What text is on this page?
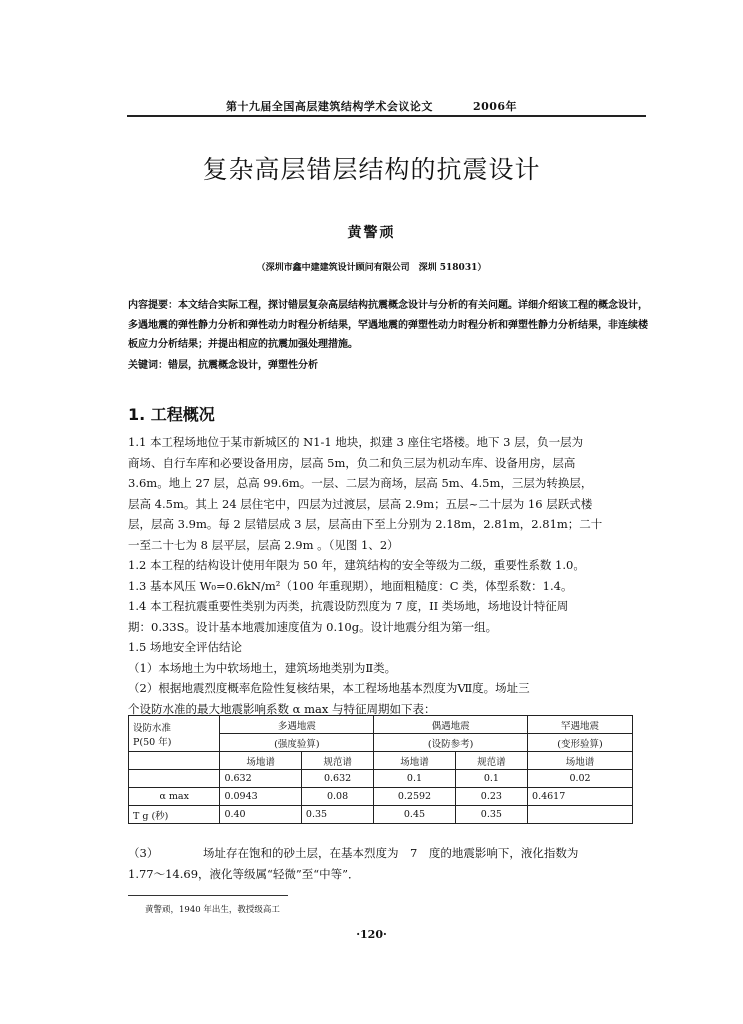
第十九届全国高层建筑结构学术会议论文	2006年
复杂高层错层结构的抗震设计
黄警顽
（深圳市鑫中建建筑设计顾问有限公司　深圳 518031）
内容提要：本文结合实际工程，探讨错层复杂高层结构抗震概念设计与分析的有关问题。详细介绍该工程的概念设计，多遇地震的弹性静力分析和弹性动力时程分析结果，罕遇地震的弹塑性动力时程分析和弹塑性静力分析结果，非连续楼板应力分析结果；并提出相应的抗震加强处理措施。
关键词：错层，抗震概念设计，弹塑性分析
1. 工程概况
1.1 本工程场地位于某市新城区的 N1-1 地块，拟建 3 座住宅塔楼。地下 3 层，负一层为
商场、自行车库和必要设备用房，层高 5m，负二和负三层为机动车库、设备用房，层高
3.6m。地上 27 层，总高 99.6m。一层、二层为商场，层高 5m、4.5m，三层为转换层，
层高 4.5m。其上 24 层住宅中，四层为过渡层，层高 2.9m；五层~二十层为 16 层跃式楼
层，层高 3.9m。每 2 层错层成 3 层，层高由下至上分别为 2.18m，2.81m，2.81m；二十
一至二十七为 8 层平层，层高 2.9m 。（见图 1、2）
1.2 本工程的结构设计使用年限为 50 年，建筑结构的安全等级为二级，重要性系数 1.0。
1.3 基本风压 W₀=0.6kN/m²（100 年重现期），地面粗糙度：C 类，体型系数：1.4。
1.4 本工程抗震重要性类别为丙类，抗震设防烈度为 7 度，II 类场地，场地设计特征周
期：0.33S。设计基本地震加速度值为 0.10g。设计地震分组为第一组。
1.5 场地安全评估结论
（1）本场地土为中软场地土，建筑场地类别为Ⅱ类。
（2）根据地震烈度概率危险性复核结果，本工程场地基本烈度为Ⅶ度。场址三
个设防水准的最大地震影响系数 α max 与特征周期如下表：
设防水准
P(50 年)	多遇地震		偶遇地震		罕遇地震
	(强度验算)		(设防参考)		(变形验算)
	场地谱	规范谱	场地谱	规范谱	场地谱
	0.632	0.632	0.1	0.1	0.02
α max	0.0943	0.08	0.2592	0.23	0.4617
T g (秒)	0.40	0.35	0.45	0.35	
（3）	场址存在饱和的砂土层，在基本烈度为　7　度的地震影响下，液化指数为
1.77～14.69，液化等级属“轻微”至“中等”．
黄警顽，1940 年出生，教授级高工
·120·
